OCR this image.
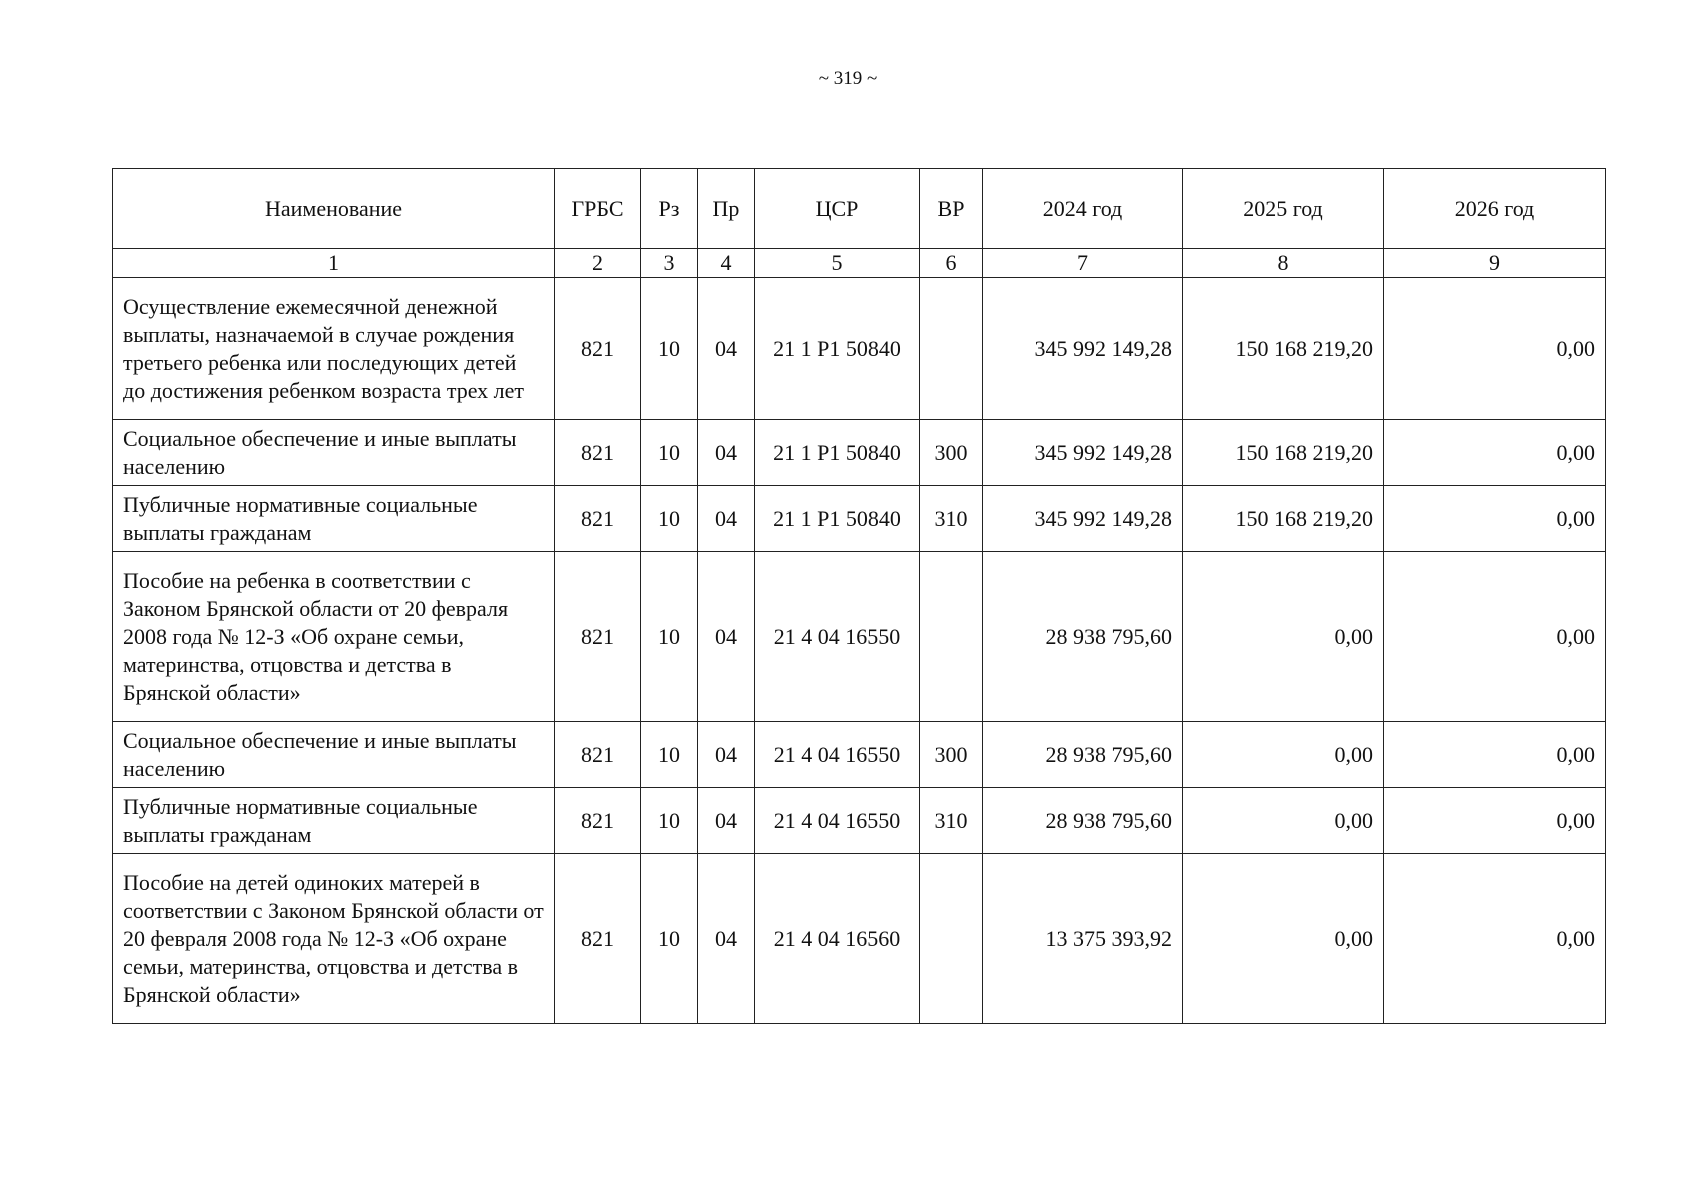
~ 319 ~
Наименование	ГРБС	Рз	Пр	ЦСР	ВР	2024 год	2025 год	2026 год
1	2	3	4	5	6	7	8	9
Осуществление ежемесячной денежной выплаты, назначаемой в случае рождения третьего ребенка или последующих детей до достижения ребенком возраста трех лет	821	10	04	21 1 Р1 50840		345 992 149,28	150 168 219,20	0,00
Социальное обеспечение и иные выплаты населению	821	10	04	21 1 Р1 50840	300	345 992 149,28	150 168 219,20	0,00
Публичные нормативные социальные выплаты гражданам	821	10	04	21 1 Р1 50840	310	345 992 149,28	150 168 219,20	0,00
Пособие на ребенка в соответствии с Законом Брянской области от 20 февраля 2008 года № 12-З «Об охране семьи, материнства, отцовства и детства в Брянской области»	821	10	04	21 4 04 16550		28 938 795,60	0,00	0,00
Социальное обеспечение и иные выплаты населению	821	10	04	21 4 04 16550	300	28 938 795,60	0,00	0,00
Публичные нормативные социальные выплаты гражданам	821	10	04	21 4 04 16550	310	28 938 795,60	0,00	0,00
Пособие на детей одиноких матерей в соответствии с Законом Брянской области от 20 февраля 2008 года № 12-З «Об охране семьи, материнства, отцовства и детства в Брянской области»	821	10	04	21 4 04 16560		13 375 393,92	0,00	0,00
